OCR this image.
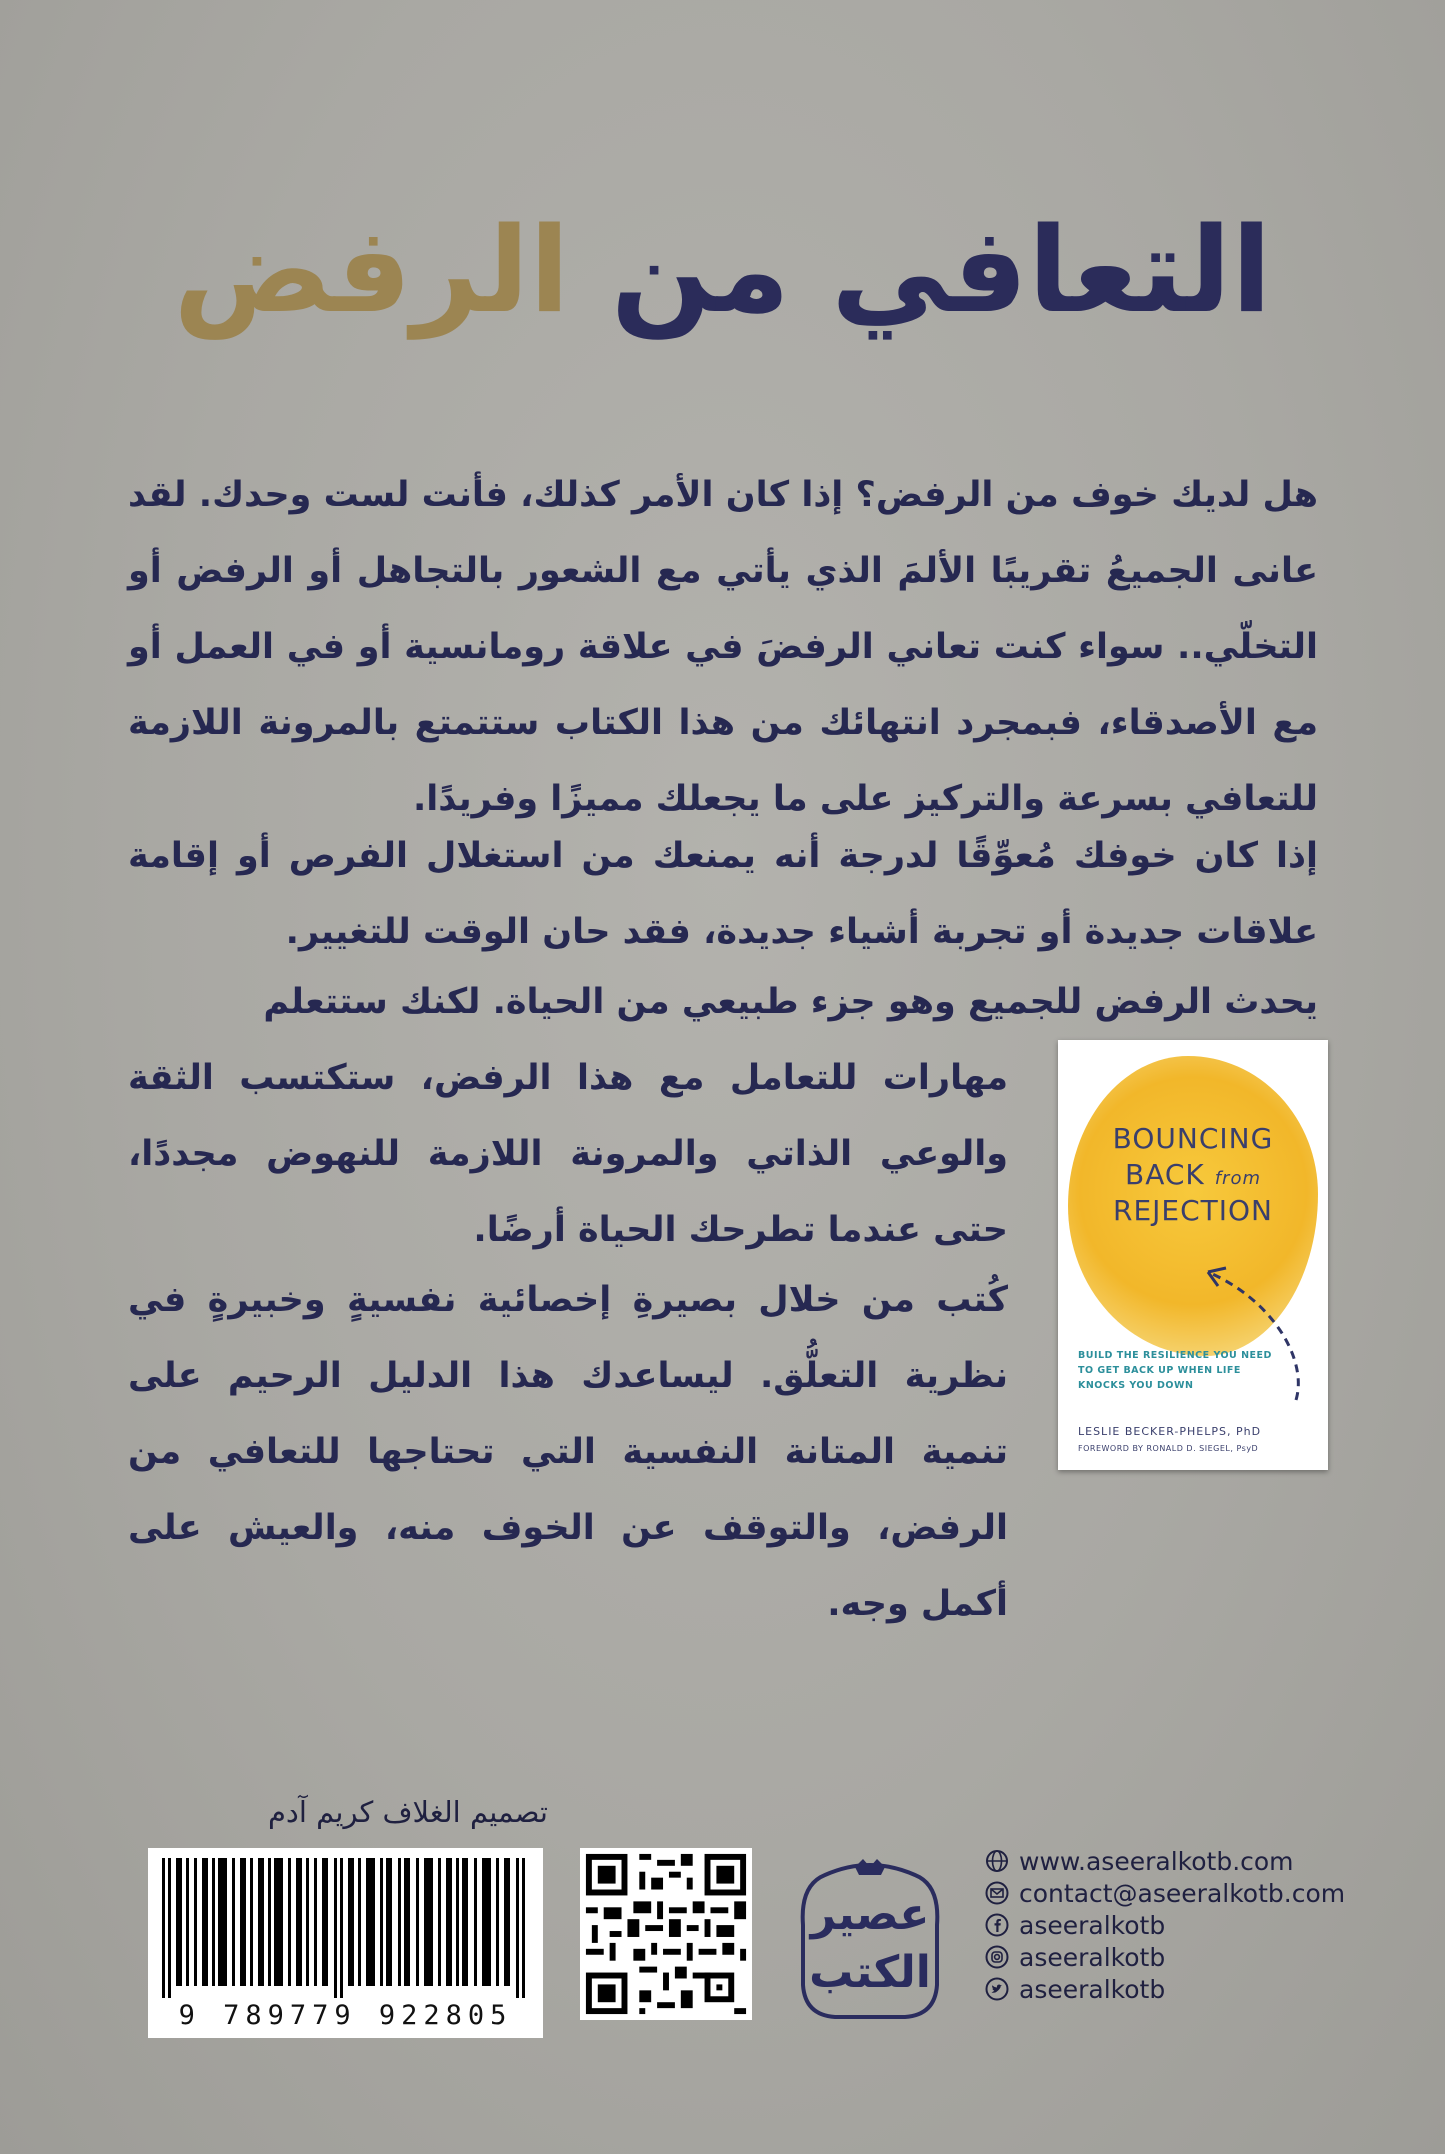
التعافي من الرفض

هل لديك خوف من الرفض؟ إذا كان الأمر كذلك، فأنت لست وحدك. لقد عانى الجميعُ تقريبًا الألمَ الذي يأتي مع الشعور بالتجاهل أو الرفض أو التخلّي.. سواء كنت تعاني الرفضَ في علاقة رومانسية أو في العمل أو مع الأصدقاء، فبمجرد انتهائك من هذا الكتاب ستتمتع بالمرونة اللازمة للتعافي بسرعة والتركيز على ما يجعلك مميزًا وفريدًا.

إذا كان خوفك مُعوِّقًا لدرجة أنه يمنعك من استغلال الفرص أو إقامة علاقات جديدة أو تجربة أشياء جديدة، فقد حان الوقت للتغيير.

يحدث الرفض للجميع وهو جزء طبيعي من الحياة. لكنك ستتعلم

مهارات للتعامل مع هذا الرفض، ستكتسب الثقة والوعي الذاتي والمرونة اللازمة للنهوض مجددًا، حتى عندما تطرحك الحياة أرضًا.

كُتب من خلال بصيرةِ إخصائية نفسيةٍ وخبيرةٍ في نظرية التعلُّق. ليساعدك هذا الدليل الرحيم على تنمية المتانة النفسية التي تحتاجها للتعافي من الرفض، والتوقف عن الخوف منه، والعيش على أكمل وجه.

BOUNCING
BACK from
REJECTION
BUILD THE RESILIENCE YOU NEED TO GET BACK UP WHEN LIFE KNOCKS YOU DOWN
LESLIE BECKER-PHELPS, PhD
FOREWORD BY RONALD D. SIEGEL, PsyD
تصميم الغلاف كريم آدم
9 789779 922805
عصير
الكتب
www.aseeralkotb.com
contact@aseeralkotb.com
aseeralkotb
aseeralkotb
aseeralkotb
